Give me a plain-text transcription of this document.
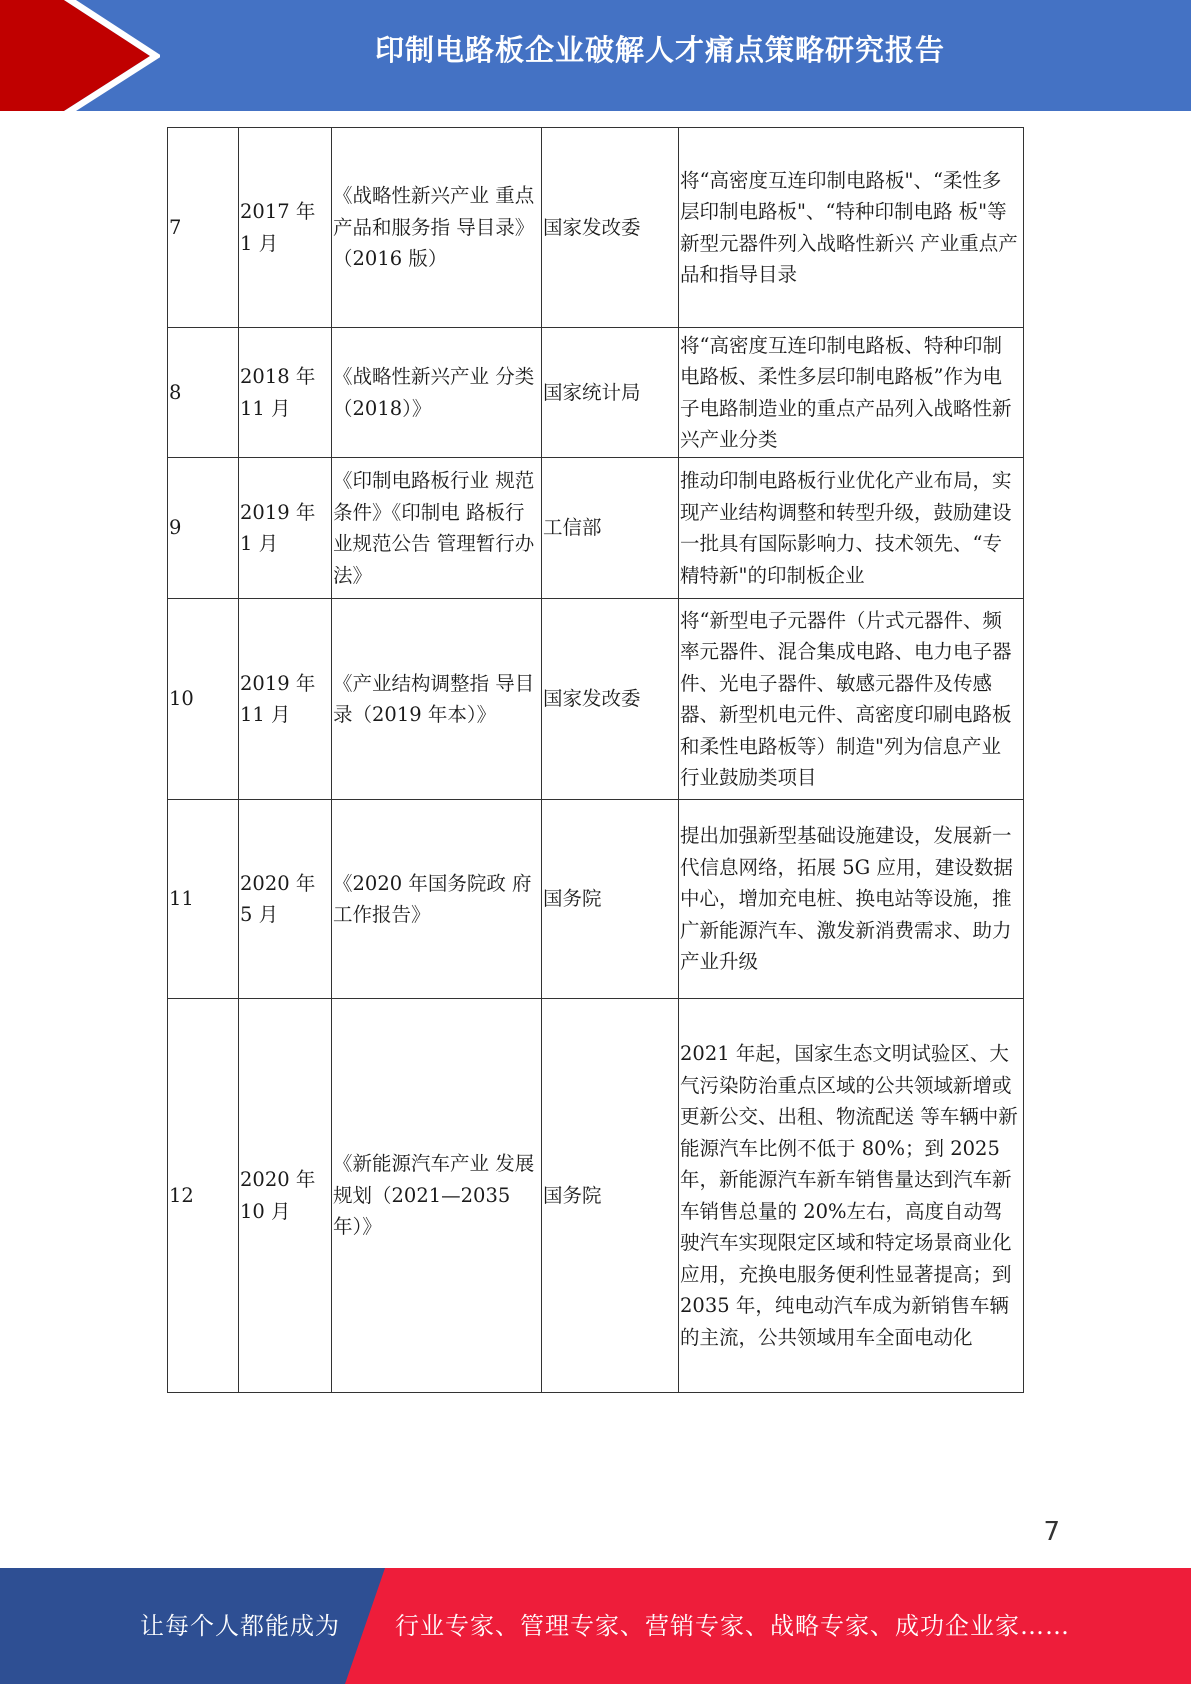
印制电路板企业破解人才痛点策略研究报告
7	2017 年 1 月	《战略性新兴产业 重点产品和服务指 导目录》（2016 版）	国家发改委	将“高密度互连印制电路板"、“柔性多层印制电路板"、“特种印制电路 板"等新型元器件列入战略性新兴 产业重点产品和指导目录
8	2018 年 11 月	《战略性新兴产业 分类（2018）》	国家统计局	将“高密度互连印制电路板、特种印制电路板、柔性多层印制电路板”作为电子电路制造业的重点产品列入战略性新兴产业分类
9	2019 年 1 月	《印制电路板行业 规范条件》《印制电 路板行业规范公告 管理暂行办法》	工信部	推动印制电路板行业优化产业布局，实现产业结构调整和转型升级，鼓励建设一批具有国际影响力、技术领先、“专精特新"的印制板企业
10	2019 年 11 月	《产业结构调整指 导目录（2019 年本）》	国家发改委	将“新型电子元器件（片式元器件、频率元器件、混合集成电路、电力电子器件、光电子器件、敏感元器件及传感器、新型机电元件、高密度印刷电路板和柔性电路板等）制造"列为信息产业行业鼓励类项目
11	2020 年 5 月	《2020 年国务院政 府工作报告》	国务院	提出加强新型基础设施建设，发展新一代信息网络，拓展 5G 应用，建设数据中心，增加充电桩、换电站等设施，推广新能源汽车、激发新消费需求、助力产业升级
12	2020 年 10 月	《新能源汽车产业 发展规划（2021—2035 年）》	国务院	2021 年起，国家生态文明试验区、大气污染防治重点区域的公共领域新增或更新公交、出租、物流配送 等车辆中新能源汽车比例不低于 80%；到 2025 年，新能源汽车新车销售量达到汽车新车销售总量的 20%左右，高度自动驾驶汽车实现限定区域和特定场景商业化应用，充换电服务便利性显著提高；到 2035 年，纯电动汽车成为新销售车辆的主流，公共领域用车全面电动化
7
让每个人都能成为 行业专家、管理专家、营销专家、战略专家、成功企业家……
